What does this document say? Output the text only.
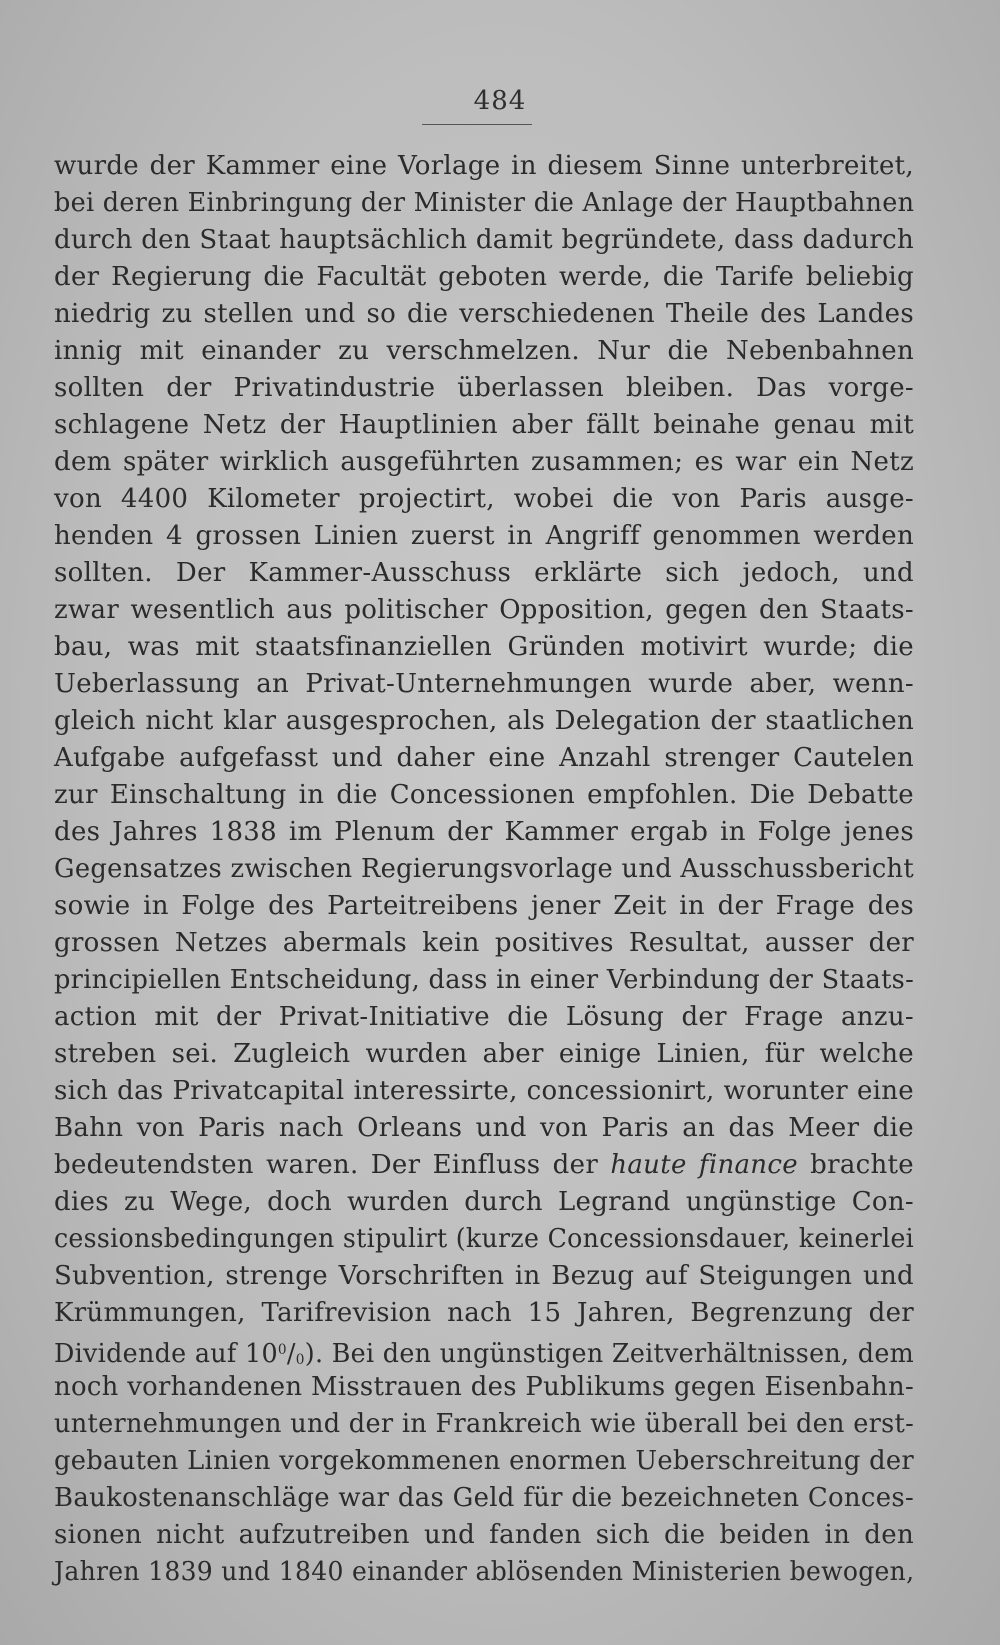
484
wurde der Kammer eine Vorlage in diesem Sinne unterbreitet,
bei deren Einbringung der Minister die Anlage der Hauptbahnen
durch den Staat hauptsächlich damit begründete, dass dadurch
der Regierung die Facultät geboten werde, die Tarife beliebig
niedrig zu stellen und so die verschiedenen Theile des Landes
innig mit einander zu verschmelzen. Nur die Nebenbahnen
sollten der Privatindustrie überlassen bleiben. Das vorge-
schlagene Netz der Hauptlinien aber fällt beinahe genau mit
dem später wirklich ausgeführten zusammen; es war ein Netz
von 4400 Kilometer projectirt, wobei die von Paris ausge-
henden 4 grossen Linien zuerst in Angriff genommen werden
sollten. Der Kammer-Ausschuss erklärte sich jedoch, und
zwar wesentlich aus politischer Opposition, gegen den Staats-
bau, was mit staatsfinanziellen Gründen motivirt wurde; die
Ueberlassung an Privat-Unternehmungen wurde aber, wenn-
gleich nicht klar ausgesprochen, als Delegation der staatlichen
Aufgabe aufgefasst und daher eine Anzahl strenger Cautelen
zur Einschaltung in die Concessionen empfohlen. Die Debatte
des Jahres 1838 im Plenum der Kammer ergab in Folge jenes
Gegensatzes zwischen Regierungsvorlage und Ausschussbericht
sowie in Folge des Parteitreibens jener Zeit in der Frage des
grossen Netzes abermals kein positives Resultat, ausser der
principiellen Entscheidung, dass in einer Verbindung der Staats-
action mit der Privat-Initiative die Lösung der Frage anzu-
streben sei. Zugleich wurden aber einige Linien, für welche
sich das Privatcapital interessirte, concessionirt, worunter eine
Bahn von Paris nach Orleans und von Paris an das Meer die
bedeutendsten waren. Der Einfluss der haute finance brachte
dies zu Wege, doch wurden durch Legrand ungünstige Con-
cessionsbedingungen stipulirt (kurze Concessionsdauer, keinerlei
Subvention, strenge Vorschriften in Bezug auf Steigungen und
Krümmungen, Tarifrevision nach 15 Jahren, Begrenzung der
Dividende auf $10^0/0$). Bei den ungünstigen Zeitverhältnissen, dem
noch vorhandenen Misstrauen des Publikums gegen Eisenbahn-
unternehmungen und der in Frankreich wie überall bei den erst-
gebauten Linien vorgekommenen enormen Ueberschreitung der
Baukostenanschläge war das Geld für die bezeichneten Conces-
sionen nicht aufzutreiben und fanden sich die beiden in den
Jahren 1839 und 1840 einander ablösenden Ministerien bewogen,
